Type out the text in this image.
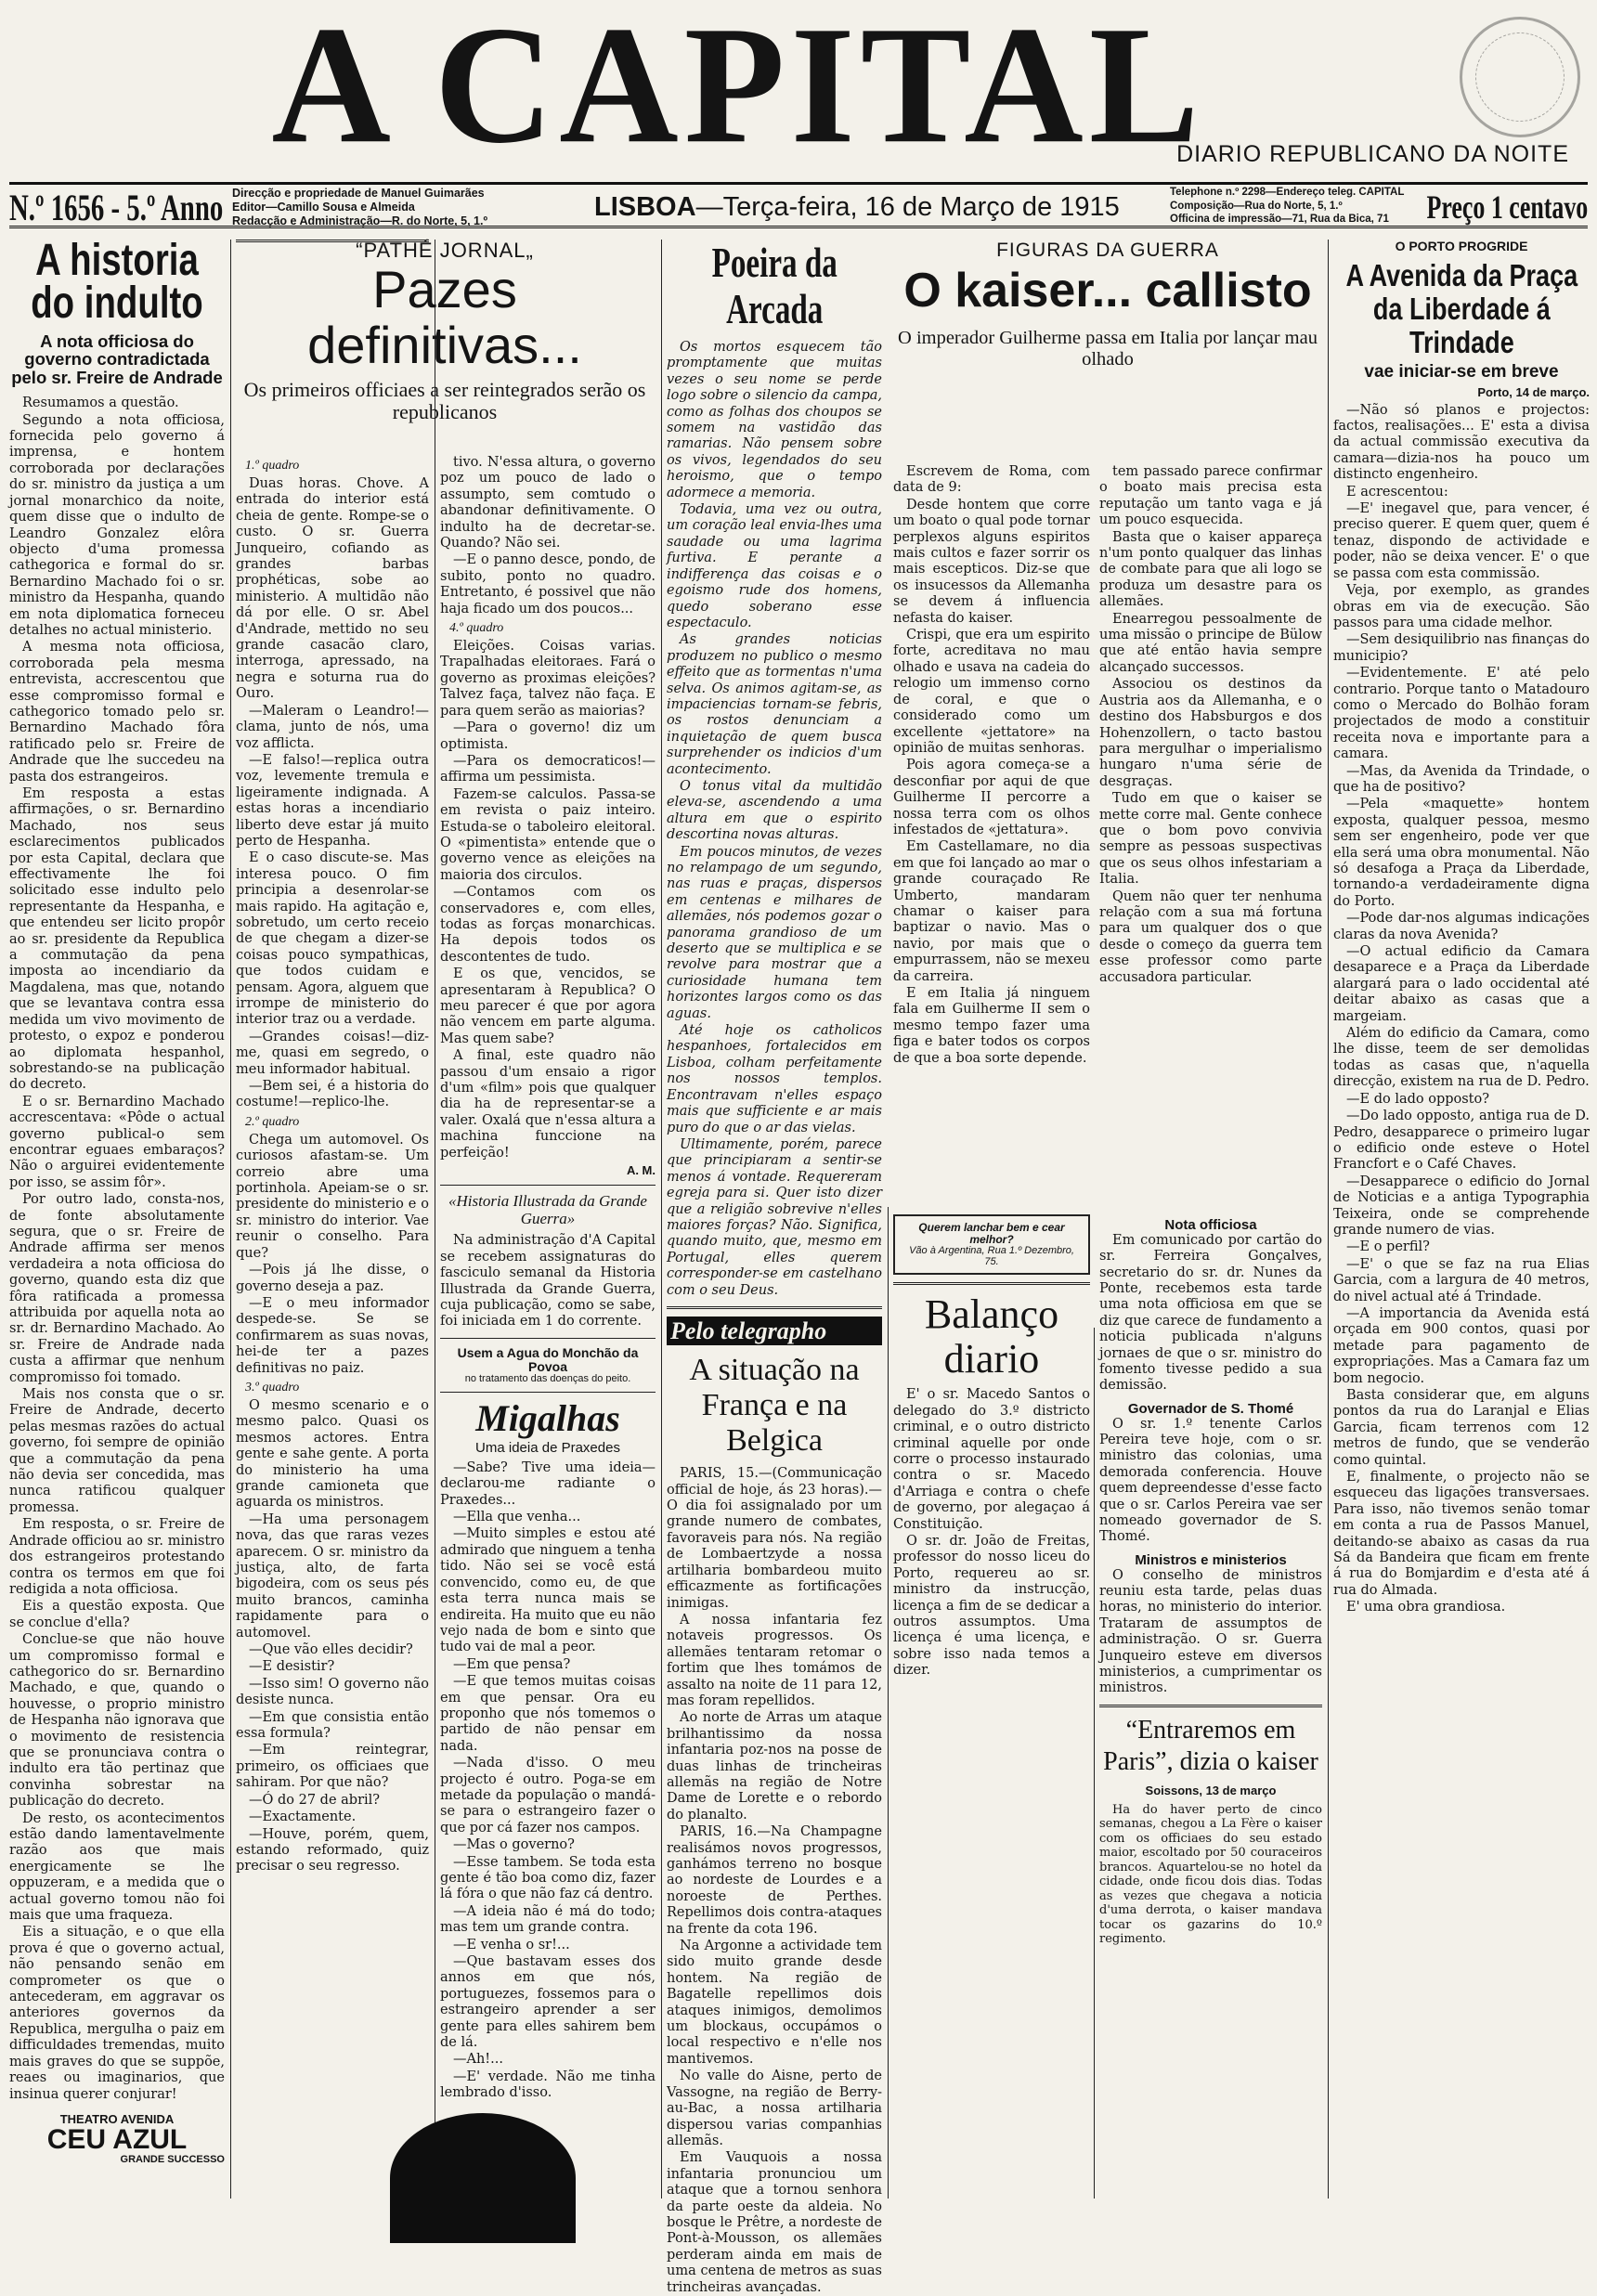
A CAPITAL
DIARIO REPUBLICANO DA NOITE
N.º 1656 - 5.º Anno Direcção e propriedade de Manuel Guimarães
Editor—Camillo Sousa e Almeida
Redacção e Administração—R. do Norte, 5, 1.º	LISBOA—Terça-feira, 16 de Março de 1915	Telephone n.º 2298—Endereço teleg. CAPITAL
Composição—Rua do Norte, 5, 1.º
Officina de impressão—71, Rua da Bica, 71	Preço 1 centavo
A historia do indulto
A nota officiosa do governo contradictada pelo sr. Freire de Andrade

Resumamos a questão.

Segundo a nota officiosa, fornecida pelo governo á imprensa, e hontem corroborada por declarações do sr. ministro da justiça a um jornal monarchico da noite, quem disse que o indulto de Leandro Gonzalez elôra objecto d'uma promessa cathegorica e formal do sr. Bernardino Machado foi o sr. ministro da Hespanha, quando em nota diplomatica forneceu detalhes no actual ministerio.

A mesma nota officiosa, corroborada pela mesma entrevista, accrescentou que esse compromisso formal e cathegorico tomado pelo sr. Bernardino Machado fôra ratificado pelo sr. Freire de Andrade que lhe succedeu na pasta dos estrangeiros.

Em resposta a estas affirmações, o sr. Bernardino Machado, nos seus esclarecimentos publicados por esta Capital, declara que effectivamente lhe foi solicitado esse indulto pelo representante da Hespanha, e que entendeu ser licito propôr ao sr. presidente da Republica a commutação da pena imposta ao incendiario da Magdalena, mas que, notando que se levantava contra essa medida um vivo movimento de protesto, o expoz e ponderou ao diplomata hespanhol, sobrestando-se na publicação do decreto.

E o sr. Bernardino Machado accrescentava: «Pôde o actual governo publical-o sem encontrar eguaes embaraços? Não o arguirei evidentemente por isso, se assim fôr».

Por outro lado, consta-nos, de fonte absolutamente segura, que o sr. Freire de Andrade affirma ser menos verdadeira a nota officiosa do governo, quando esta diz que fôra ratificada a promessa attribuida por aquella nota ao sr. dr. Bernardino Machado. Ao sr. Freire de Andrade nada custa a affirmar que nenhum compromisso foi tomado.

Mais nos consta que o sr. Freire de Andrade, decerto pelas mesmas razões do actual governo, foi sempre de opinião que a commutação da pena não devia ser concedida, mas nunca ratificou qualquer promessa.

Em resposta, o sr. Freire de Andrade officiou ao sr. ministro dos estrangeiros protestando contra os termos em que foi redigida a nota officiosa.

Eis a questão exposta. Que se conclue d'ella?

Conclue-se que não houve um compromisso formal e cathegorico do sr. Bernardino Machado, e que, quando o houvesse, o proprio ministro de Hespanha não ignorava que o movimento de resistencia que se pronunciava contra o indulto era tão pertinaz que convinha sobrestar na publicação do decreto.

De resto, os acontecimentos estão dando lamentavelmente razão aos que mais energicamente se lhe oppuzeram, e a medida que o actual governo tomou não foi mais que uma fraqueza.

Eis a situação, e o que ella prova é que o governo actual, não pensando senão em comprometer os que o antecederam, em aggravar os anteriores governos da Republica, mergulha o paiz em difficuldades tremendas, muito mais graves do que se suppõe, reaes ou imaginarios, que insinua querer conjurar!

THEATRO AVENIDA
CEU AZUL
GRANDE SUCCESSO
“PATHÉ JORNAL„
Pazes definitivas...
Os primeiros officiaes a ser reintegrados serão os republicanos
1.º quadro

Duas horas. Chove. A entrada do interior está cheia de gente. Rompe-se o custo. O sr. Guerra Junqueiro, cofiando as grandes barbas prophéticas, sobe ao ministerio. A multidão não dá por elle. O sr. Abel d'Andrade, mettido no seu grande casacão claro, interroga, apressado, na negra e soturna rua do Ouro.

—Maleram o Leandro!—clama, junto de nós, uma voz afflicta.

—E falso!—replica outra voz, levemente tremula e ligeiramente indignada. A estas horas a incendiario liberto deve estar já muito perto de Hespanha.

E o caso discute-se. Mas interesa pouco. O fim principia a desenrolar-se mais rapido. Ha agitação e, sobretudo, um certo receio de que chegam a dizer-se coisas pouco sympathicas, que todos cuidam e pensam. Agora, alguem que irrompe de ministerio do interior traz ou a verdade.

—Grandes coisas!—diz-me, quasi em segredo, o meu informador habitual.

—Bem sei, é a historia do costume!—replico-lhe.

2.º quadro

Chega um automovel. Os curiosos afastam-se. Um correio abre uma portinhola. Apeiam-se o sr. presidente do ministerio e o sr. ministro do interior. Vae reunir o conselho. Para que?

—Pois já lhe disse, o governo deseja a paz.

—E o meu informador despede-se. Se se confirmarem as suas novas, hei-de ter a pazes definitivas no paiz.

3.º quadro

O mesmo scenario e o mesmo palco. Quasi os mesmos actores. Entra gente e sahe gente. A porta do ministerio ha uma grande camioneta que aguarda os ministros.

—Ha uma personagem nova, das que raras vezes aparecem. O sr. ministro da justiça, alto, de farta bigodeira, com os seus pés muito brancos, caminha rapidamente para o automovel.

—Que vão elles decidir?

—E desistir?

—Isso sim! O governo não desiste nunca.

—Em que consistia então essa formula?

—Em reintegrar, primeiro, os officiaes que sahiram. Por que não?

—Ó do 27 de abril?

—Exactamente.

—Houve, porém, quem, estando reformado, quiz precisar o seu regresso.

tivo. N'essa altura, o governo poz um pouco de lado o assumpto, sem comtudo o abandonar definitivamente. O indulto ha de decretar-se. Quando? Não sei.

—E o panno desce, pondo, de subito, ponto no quadro. Entretanto, é possivel que não haja ficado um dos poucos...

4.º quadro

Eleições. Coisas varias. Trapalhadas eleitoraes. Fará o governo as proximas eleições? Talvez faça, talvez não faça. E para quem serão as maiorias?

—Para o governo! diz um optimista.

—Para os democraticos!—affirma um pessimista.

Fazem-se calculos. Passa-se em revista o paiz inteiro. Estuda-se o taboleiro eleitoral. O «pimentista» entende que o governo vence as eleições na maioria dos circulos.

—Contamos com os conservadores e, com elles, todas as forças monarchicas. Ha depois todos os descontentes de tudo.

E os que, vencidos, se apresentaram à Republica? O meu parecer é que por agora não vencem em parte alguma. Mas quem sabe?

A final, este quadro não passou d'um ensaio a rigor d'um «film» pois que qualquer dia ha de representar-se a valer. Oxalá que n'essa altura a machina funccione na perfeição!

A. M.
«Historia Illustrada da Grande Guerra»

Na administração d'A Capital se recebem assignaturas do fasciculo semanal da Historia Illustrada da Grande Guerra, cuja publicação, como se sabe, foi iniciada em 1 do corrente.

Usem a Agua do Monchão da Povoa
no tratamento das doenças do peito.
Migalhas
Uma ideia de Praxedes

—Sabe? Tive uma ideia—declarou-me radiante o Praxedes...

—Ella que venha...

—Muito simples e estou até admirado que ninguem a tenha tido. Não sei se você está convencido, como eu, de que esta terra nunca mais se endireita. Ha muito que eu não vejo nada de bom e sinto que tudo vai de mal a peor.

—Em que pensa?

—E que temos muitas coisas em que pensar. Ora eu proponho que nós tomemos o partido de não pensar em nada.

—Nada d'isso. O meu projecto é outro. Poga-se em metade da população o mandá-se para o estrangeiro fazer o que por cá fazer nos campos.

—Mas o governo?

—Esse tambem. Se toda esta gente é tão boa como diz, fazer lá fóra o que não faz cá dentro.

—A ideia não é má do todo; mas tem um grande contra.

—E venha o sr!...

—Que bastavam esses dos annos em que nós, portuguezes, fossemos para o estrangeiro aprender a ser gente para elles sahirem bem de lá.

—Ah!...

—E' verdade. Não me tinha lembrado d'isso.

Poeira da Arcada

Os mortos esquecem tão promptamente que muitas vezes o seu nome se perde logo sobre o silencio da campa, como as folhas dos choupos se somem na vastidão das ramarias. Não pensem sobre os vivos, legendados do seu heroismo, que o tempo adormece a memoria.

Todavia, uma vez ou outra, um coração leal envia-lhes uma saudade ou uma lagrima furtiva. E perante a indifferença das coisas e o egoismo rude dos homens, quedo soberano esse espectaculo.

As grandes noticias produzem no publico o mesmo effeito que as tormentas n'uma selva. Os animos agitam-se, as impaciencias tornam-se febris, os rostos denunciam a inquietação de quem busca surprehender os indicios d'um acontecimento.

O tonus vital da multidão eleva-se, ascendendo a uma altura em que o espirito descortina novas alturas.

Em poucos minutos, de vezes no relampago de um segundo, nas ruas e praças, dispersos em centenas e milhares de allemães, nós podemos gozar o panorama grandioso de um deserto que se multiplica e se revolve para mostrar que a curiosidade humana tem horizontes largos como os das aguas.

Até hoje os catholicos hespanhoes, fortalecidos em Lisboa, colham perfeitamente nos nossos templos. Encontravam n'elles espaço mais que sufficiente e ar mais puro do que o ar das vielas.

Ultimamente, porém, parece que principiaram a sentir-se menos á vontade. Requereram egreja para si. Quer isto dizer que a religião sobrevive n'elles maiores forças? Não. Significa, quando muito, que, mesmo em Portugal, elles querem corresponder-se em castelhano com o seu Deus.

Pelo telegrapho
A situação na França e na Belgica

PARIS, 15.—(Communicação official de hoje, ás 23 horas).—O dia foi assignalado por um grande numero de combates, favoraveis para nós. Na região de Lombaertzyde a nossa artilharia bombardeou muito efficazmente as fortificações inimigas.

A nossa infantaria fez notaveis progressos. Os allemães tentaram retomar o fortim que lhes tomámos de assalto na noite de 11 para 12, mas foram repellidos.

Ao norte de Arras um ataque brilhantissimo da nossa infantaria poz-nos na posse de duas linhas de trincheiras allemãs na região de Notre Dame de Lorette e o rebordo do planalto.

PARIS, 16.—Na Champagne realisámos novos progressos, ganhámos terreno no bosque ao nordeste de Lourdes e a noroeste de Perthes. Repellimos dois contra-ataques na frente da cota 196.

Na Argonne a actividade tem sido muito grande desde hontem. Na região de Bagatelle repellimos dois ataques inimigos, demolimos um blockaus, occupámos o local respectivo e n'elle nos mantivemos.

No valle do Aisne, perto de Vassogne, na região de Berry-au-Bac, a nossa artilharia dispersou varias companhias allemãs.

Em Vauquois a nossa infantaria pronunciou um ataque que a tornou senhora da parte oeste da aldeia. No bosque le Prêtre, a nordeste de Pont-à-Mousson, os allemães perderam ainda em mais de uma centena de metros as suas trincheiras avançadas.

FIGURAS DA GUERRA
O kaiser... callisto
O imperador Guilherme passa em Italia por lançar mau olhado

Escrevem de Roma, com data de 9:

Desde hontem que corre um boato o qual pode tornar perplexos alguns espiritos mais cultos e fazer sorrir os mais escepticos. Diz-se que os insucessos da Allemanha se devem á influencia nefasta do kaiser.

Crispi, que era um espirito forte, acreditava no mau olhado e usava na cadeia do relogio um immenso corno de coral, e que o considerado como um excellente «jettatore» na opinião de muitas senhoras.

Pois agora começa-se a desconfiar por aqui de que Guilherme II percorre a nossa terra com os olhos infestados de «jettatura».

Em Castellamare, no dia em que foi lançado ao mar o grande couraçado Re Umberto, mandaram chamar o kaiser para baptizar o navio. Mas o navio, por mais que o empurrassem, não se mexeu da carreira.

E em Italia já ninguem fala em Guilherme II sem o mesmo tempo fazer uma figa e bater todos os corpos de que a boa sorte depende.

tem passado parece confirmar o boato mais precisa esta reputação um tanto vaga e já um pouco esquecida.

Basta que o kaiser appareça n'um ponto qualquer das linhas de combate para que ali logo se produza um desastre para os allemães.

Enearregou pessoalmente de uma missão o principe de Bülow que até então havia sempre alcançado successos.

Associou os destinos da Austria aos da Allemanha, e o destino dos Habsburgos e dos Hohenzollern, o tacto bastou para mergulhar o imperialismo hungaro n'uma série de desgraças.

Tudo em que o kaiser se mette corre mal. Gente conhece que o bom povo convivia sempre as pessoas suspectivas que os seus olhos infestariam a Italia.

Quem não quer ter nenhuma relação com a sua má fortuna para um qualquer dos o que desde o começo da guerra tem esse professor como parte accusadora particular.

Querem lanchar bem e cear melhor?
Vão à Argentina, Rua 1.º Dezembro, 75.
Balanço diario

E' o sr. Macedo Santos o delegado do 3.º districto criminal, e o outro districto criminal aquelle por onde corre o processo instaurado contra o sr. Macedo d'Arriaga e contra o chefe de governo, por alegaçao á Constituição.

O sr. dr. João de Freitas, professor do nosso liceu do Porto, requereu ao sr. ministro da instrucção, licença a fim de se dedicar a outros assumptos. Uma licença é uma licença, e sobre isso nada temos a dizer.

Nota officiosa

Em comunicado por cartão do sr. Ferreira Gonçalves, secretario do sr. dr. Nunes da Ponte, recebemos esta tarde uma nota officiosa em que se diz que carece de fundamento a noticia publicada n'alguns jornaes de que o sr. ministro do fomento tivesse pedido a sua demissão.

Governador de S. Thomé

O sr. 1.º tenente Carlos Pereira teve hoje, com o sr. ministro das colonias, uma demorada conferencia. Houve quem depreendesse d'esse facto que o sr. Carlos Pereira vae ser nomeado governador de S. Thomé.

Ministros e ministerios

O conselho de ministros reuniu esta tarde, pelas duas horas, no ministerio do interior. Trataram de assumptos de administração. O sr. Guerra Junqueiro esteve em diversos ministerios, a cumprimentar os ministros.

“Entraremos em Paris”, dizia o kaiser
Soissons, 13 de março

Ha do haver perto de cinco semanas, chegou a La Fère o kaiser com os officiaes do seu estado maior, escoltado por 50 couraceiros brancos. Aquartelou-se no hotel da cidade, onde ficou dois dias. Todas as vezes que chegava a noticia d'uma derrota, o kaiser mandava tocar os gazarins do 10.º regimento.

O PORTO PROGRIDE
A Avenida da Praça da Liberdade á Trindade
vae iniciar-se em breve
Porto, 14 de março.

—Não só planos e projectos: factos, realisações... E' esta a divisa da actual commissão executiva da camara—dizia-nos ha pouco um distincto engenheiro.

E acrescentou:

—E' inegavel que, para vencer, é preciso querer. E quem quer, quem é tenaz, dispondo de actividade e poder, não se deixa vencer. E' o que se passa com esta commissão.

Veja, por exemplo, as grandes obras em via de execução. São passos para uma cidade melhor.

—Sem desiquilibrio nas finanças do municipio?

—Evidentemente. E' até pelo contrario. Porque tanto o Matadouro como o Mercado do Bolhão foram projectados de modo a constituir receita nova e importante para a camara.

—Mas, da Avenida da Trindade, o que ha de positivo?

—Pela «maquette» hontem exposta, qualquer pessoa, mesmo sem ser engenheiro, pode ver que ella será uma obra monumental. Não só desafoga a Praça da Liberdade, tornando-a verdadeiramente digna do Porto.

—Pode dar-nos algumas indicações claras da nova Avenida?

—O actual edificio da Camara desaparece e a Praça da Liberdade alargará para o lado occidental até deitar abaixo as casas que a margeiam.

Além do edificio da Camara, como lhe disse, teem de ser demolidas todas as casas que, n'aquella direcção, existem na rua de D. Pedro.

—E do lado opposto?

—Do lado opposto, antiga rua de D. Pedro, desapparece o primeiro lugar o edificio onde esteve o Hotel Francfort e o Café Chaves.

—Desapparece o edificio do Jornal de Noticias e a antiga Typographia Teixeira, onde se comprehende grande numero de vias.

—E o perfil?

—E' o que se faz na rua Elias Garcia, com a largura de 40 metros, do nivel actual até á Trindade.

—A importancia da Avenida está orçada em 900 contos, quasi por metade para pagamento de expropriações. Mas a Camara faz um bom negocio.

Basta considerar que, em alguns pontos da rua do Laranjal e Elias Garcia, ficam terrenos com 12 metros de fundo, que se venderão como quintal.

E, finalmente, o projecto não se esqueceu das ligações transversaes. Para isso, não tivemos senão tomar em conta a rua de Passos Manuel, deitando-se abaixo as casas da rua Sá da Bandeira que ficam em frente á rua do Bomjardim e d'esta até á rua do Almada.

E' uma obra grandiosa.
